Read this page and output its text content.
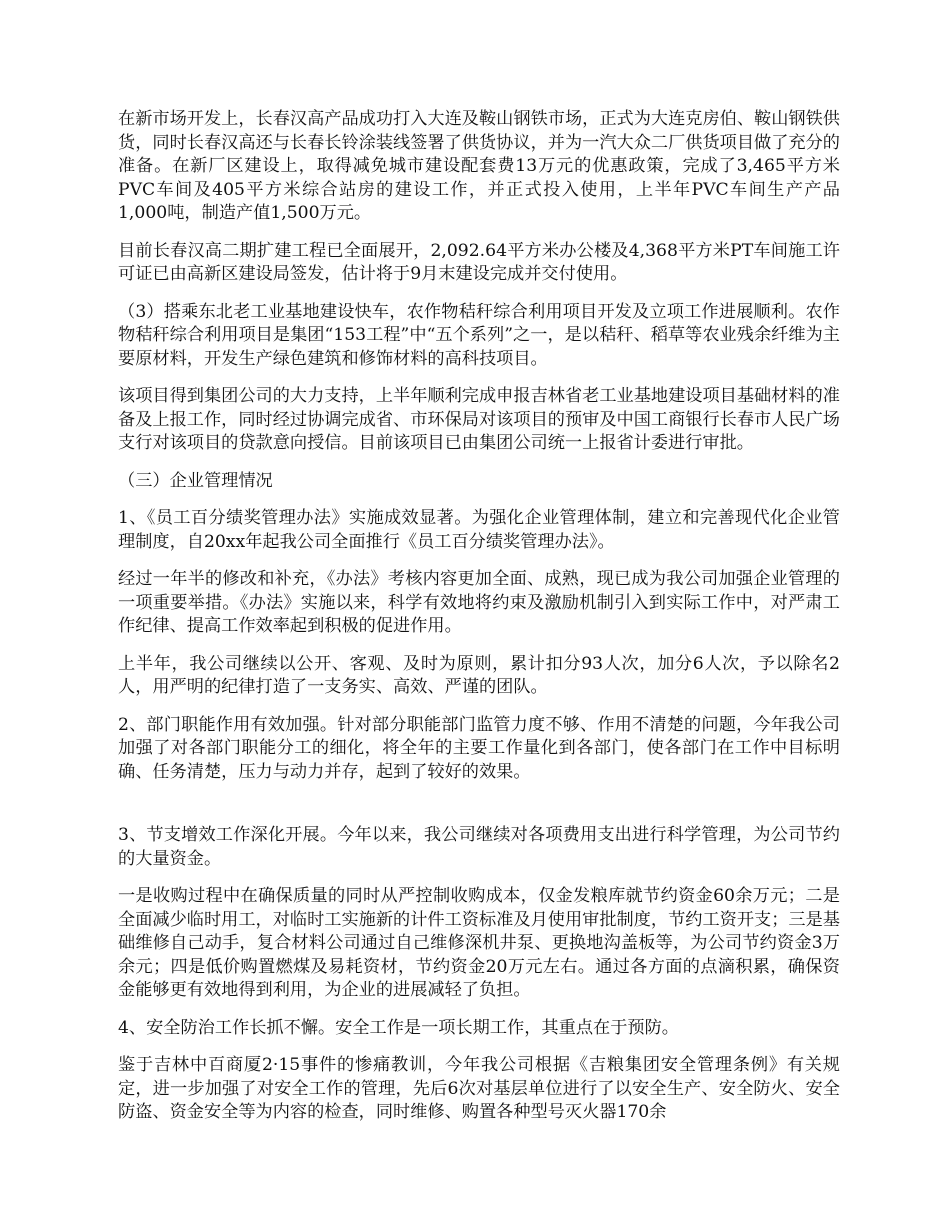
在新市场开发上，长春汉高产品成功打入大连及鞍山钢铁市场，正式为大连克房伯、鞍山钢铁供货，同时长春汉高还与长春长铃涂装线签署了供货协议，并为一汽大众二厂供货项目做了充分的准备。在新厂区建设上，取得减免城市建设配套费13万元的优惠政策，完成了3,465平方米PVC车间及405平方米综合站房的建设工作，并正式投入使用，上半年PVC车间生产产品1,000吨，制造产值1,500万元。

目前长春汉高二期扩建工程已全面展开，2,092.64平方米办公楼及4,368平方米PT车间施工许可证已由高新区建设局签发，估计将于9月末建设完成并交付使用。

（3）搭乘东北老工业基地建设快车，农作物秸秆综合利用项目开发及立项工作进展顺利。农作物秸秆综合利用项目是集团“153工程”中“五个系列”之一，是以秸秆、稻草等农业残余纤维为主要原材料，开发生产绿色建筑和修饰材料的高科技项目。

该项目得到集团公司的大力支持，上半年顺利完成申报吉林省老工业基地建设项目基础材料的准备及上报工作，同时经过协调完成省、市环保局对该项目的预审及中国工商银行长春市人民广场支行对该项目的贷款意向授信。目前该项目已由集团公司统一上报省计委进行审批。

（三）企业管理情况

1、《员工百分绩奖管理办法》实施成效显著。为强化企业管理体制，建立和完善现代化企业管理制度，自20xx年起我公司全面推行《员工百分绩奖管理办法》。

经过一年半的修改和补充，《办法》考核内容更加全面、成熟，现已成为我公司加强企业管理的一项重要举措。《办法》实施以来，科学有效地将约束及激励机制引入到实际工作中，对严肃工作纪律、提高工作效率起到积极的促进作用。

上半年，我公司继续以公开、客观、及时为原则，累计扣分93人次，加分6人次，予以除名2人，用严明的纪律打造了一支务实、高效、严谨的团队。

2、部门职能作用有效加强。针对部分职能部门监管力度不够、作用不清楚的问题，今年我公司加强了对各部门职能分工的细化，将全年的主要工作量化到各部门，使各部门在工作中目标明确、任务清楚，压力与动力并存，起到了较好的效果。

3、节支增效工作深化开展。今年以来，我公司继续对各项费用支出进行科学管理，为公司节约的大量资金。

一是收购过程中在确保质量的同时从严控制收购成本，仅金发粮库就节约资金60余万元；二是全面减少临时用工，对临时工实施新的计件工资标准及月使用审批制度，节约工资开支；三是基础维修自己动手，复合材料公司通过自己维修深机井泵、更换地沟盖板等，为公司节约资金3万余元；四是低价购置燃煤及易耗资材，节约资金20万元左右。通过各方面的点滴积累，确保资金能够更有效地得到利用，为企业的进展减轻了负担。

4、安全防治工作长抓不懈。安全工作是一项长期工作，其重点在于预防。

鉴于吉林中百商厦2·15事件的惨痛教训，今年我公司根据《吉粮集团安全管理条例》有关规定，进一步加强了对安全工作的管理，先后6次对基层单位进行了以安全生产、安全防火、安全防盗、资金安全等为内容的检查，同时维修、购置各种型号灭火器170余
